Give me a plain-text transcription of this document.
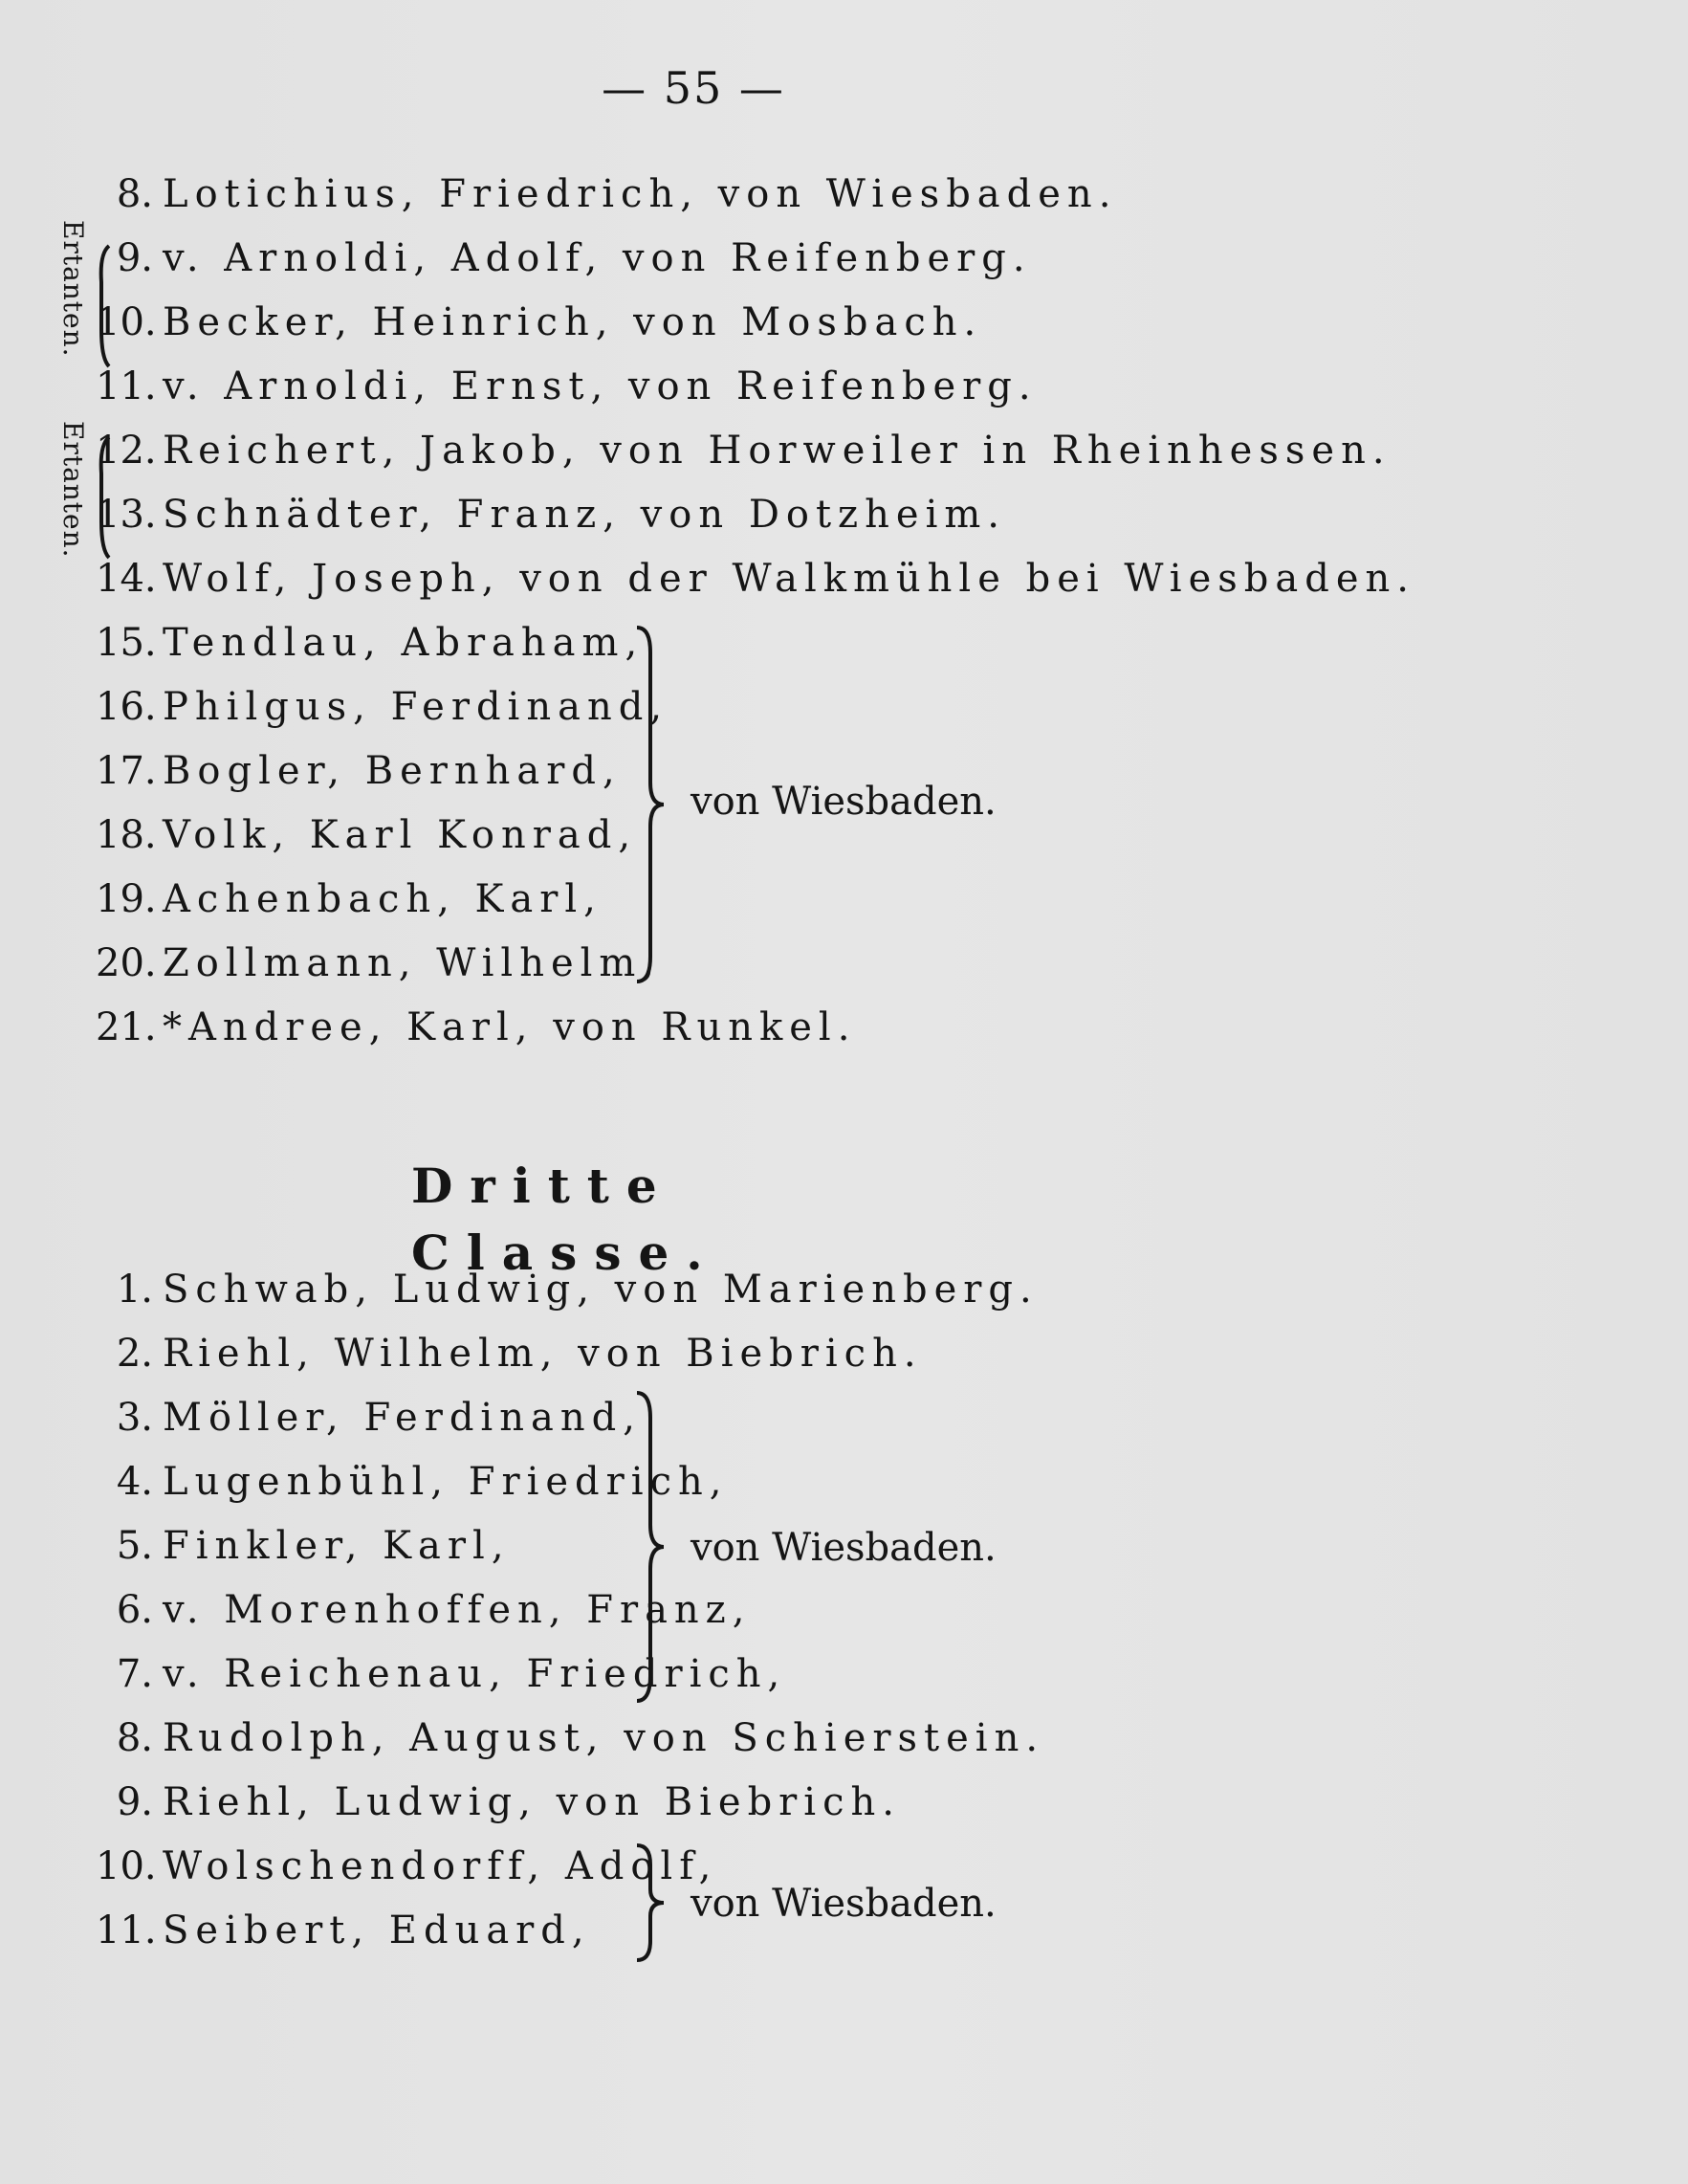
— 55 —
Ertanten.
Ertanten.
8. Lotichius, Friedrich, von Wiesbaden.
9. v. Arnoldi, Adolf, von Reifenberg.
10. Becker, Heinrich, von Mosbach.
11. v. Arnoldi, Ernst, von Reifenberg.
12. Reichert, Jakob, von Horweiler in Rheinhessen.
13. Schnädter, Franz, von Dotzheim.
14. Wolf, Joseph, von der Walkmühle bei Wiesbaden.
15. Tendlau, Abraham,
16. Philgus, Ferdinand,
17. Bogler, Bernhard,
18. Volk, Karl Konrad,
19. Achenbach, Karl,
20. Zollmann, Wilhelm,
21. *Andree, Karl, von Runkel.
von Wiesbaden.
Dritte Classe.
1. Schwab, Ludwig, von Marienberg.
2. Riehl, Wilhelm, von Biebrich.
3. Möller, Ferdinand,
4. Lugenbühl, Friedrich,
5. Finkler, Karl,
6. v. Morenhoffen, Franz,
7. v. Reichenau, Friedrich,
8. Rudolph, August, von Schierstein.
9. Riehl, Ludwig, von Biebrich.
10. Wolschendorff, Adolf,
11. Seibert, Eduard,
von Wiesbaden.
von Wiesbaden.
